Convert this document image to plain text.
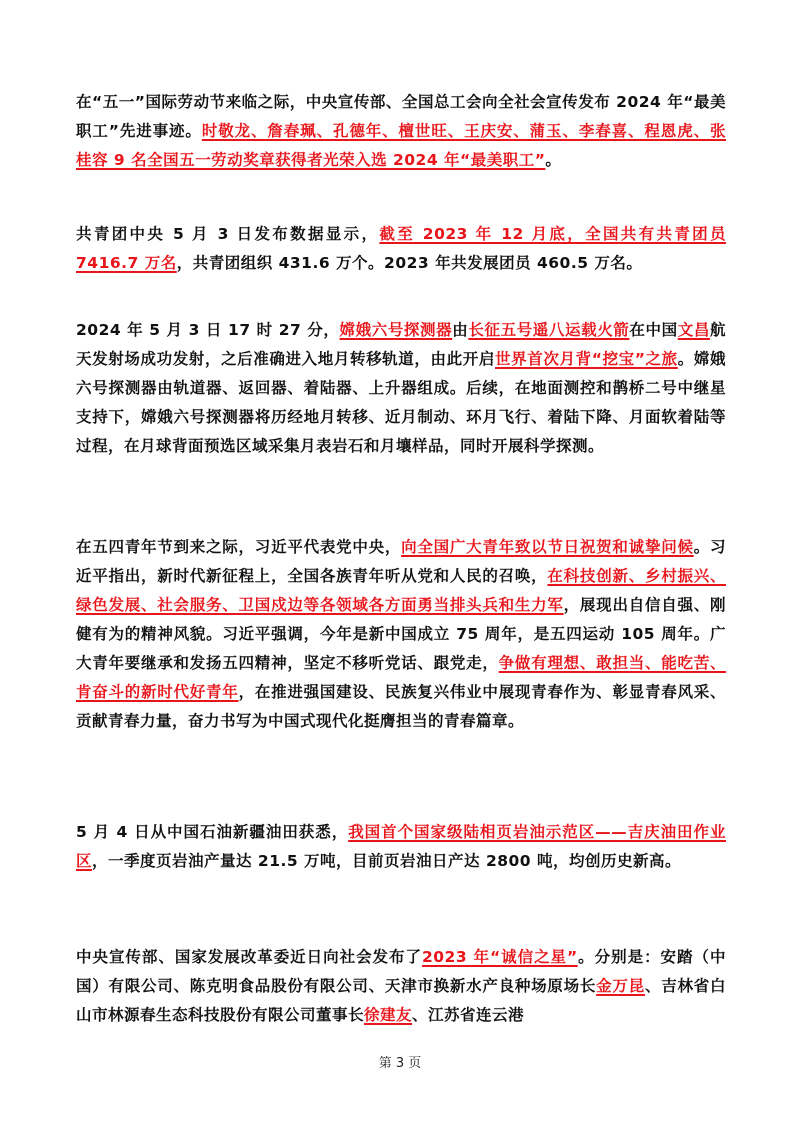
在“五一”国际劳动节来临之际，中央宣传部、全国总工会向全社会宣传发布 2024 年“最美职工”先进事迹。时敬龙、詹春珮、孔德年、檀世旺、王庆安、蒲玉、李春喜、程恩虎、张桂容 9 名全国五一劳动奖章获得者光荣入选 2024 年“最美职工”。
共青团中央 5 月 3 日发布数据显示，截至 2023 年 12 月底，全国共有共青团员 7416.7 万名，共青团组织 431.6 万个。2023 年共发展团员 460.5 万名。
2024 年 5 月 3 日 17 时 27 分，嫦娥六号探测器由长征五号遥八运载火箭在中国文昌航天发射场成功发射，之后准确进入地月转移轨道，由此开启世界首次月背“挖宝”之旅。嫦娥六号探测器由轨道器、返回器、着陆器、上升器组成。后续，在地面测控和鹊桥二号中继星支持下，嫦娥六号探测器将历经地月转移、近月制动、环月飞行、着陆下降、月面软着陆等过程，在月球背面预选区域采集月表岩石和月壤样品，同时开展科学探测。
在五四青年节到来之际，习近平代表党中央，向全国广大青年致以节日祝贺和诚挚问候。习近平指出，新时代新征程上，全国各族青年听从党和人民的召唤，在科技创新、乡村振兴、绿色发展、社会服务、卫国戍边等各领域各方面勇当排头兵和生力军，展现出自信自强、刚健有为的精神风貌。习近平强调，今年是新中国成立 75 周年，是五四运动 105 周年。广大青年要继承和发扬五四精神，坚定不移听党话、跟党走，争做有理想、敢担当、能吃苦、肯奋斗的新时代好青年，在推进强国建设、民族复兴伟业中展现青春作为、彰显青春风采、贡献青春力量，奋力书写为中国式现代化挺膺担当的青春篇章。
5 月 4 日从中国石油新疆油田获悉，我国首个国家级陆相页岩油示范区——吉庆油田作业区，一季度页岩油产量达 21.5 万吨，目前页岩油日产达 2800 吨，均创历史新高。
中央宣传部、国家发展改革委近日向社会发布了2023 年“诚信之星”。分别是：安踏（中国）有限公司、陈克明食品股份有限公司、天津市换新水产良种场原场长金万昆、吉林省白山市林源春生态科技股份有限公司董事长徐建友、江苏省连云港
第 3 页
